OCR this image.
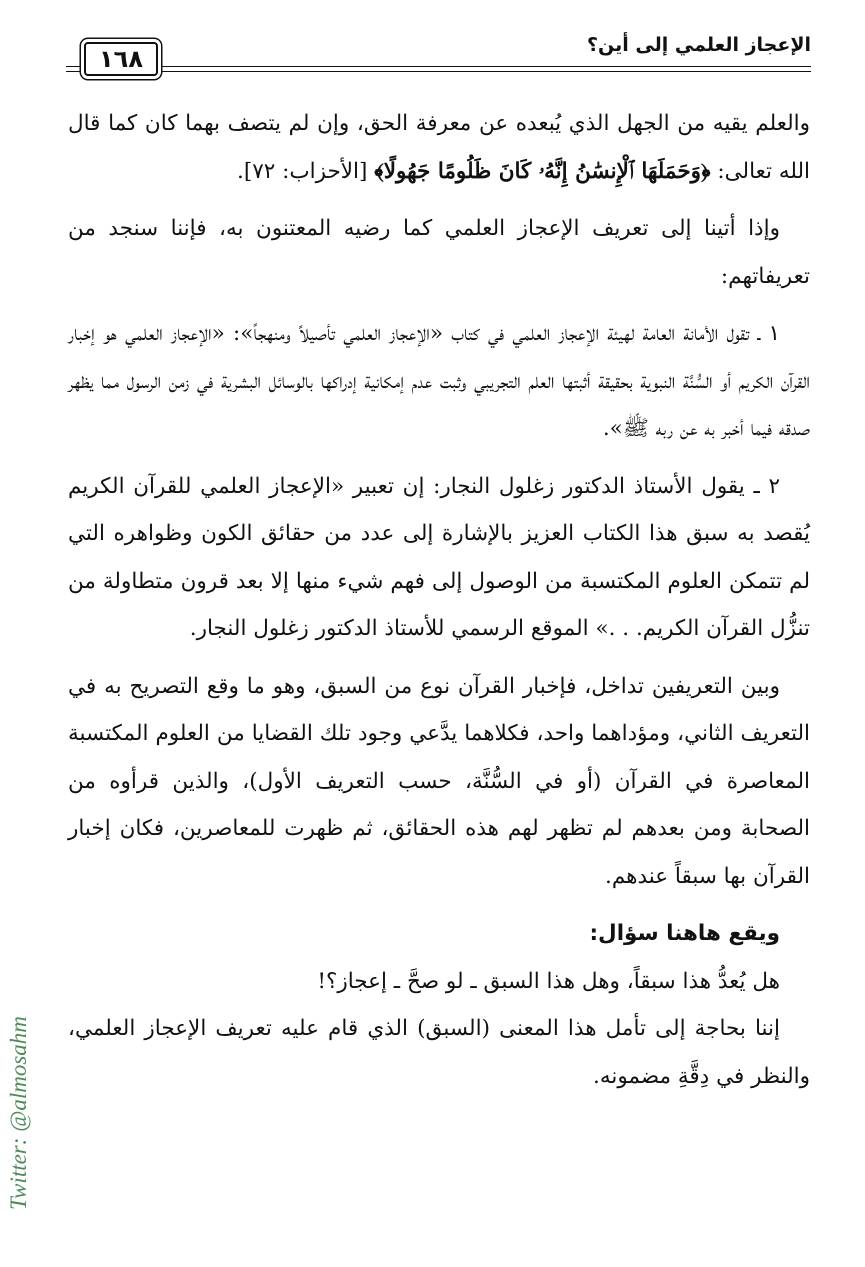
١٦٨	الإعجاز العلمي إلى أين؟

والعلم يقيه من الجهل الذي يُبعده عن معرفة الحق، وإن لم يتصف بهما كان كما قال الله تعالى: ﴿وَحَمَلَهَا ٱلْإِنسَٰنُ إِنَّهُۥ كَانَ ظَلُومًا جَهُولًا﴾ [الأحزاب: ٧٢].

وإذا أتينا إلى تعريف الإعجاز العلمي كما رضيه المعتنون به، فإننا سنجد من تعريفاتهم:

١ ـ تقول الأمانة العامة لهيئة الإعجاز العلمي في كتاب «الإعجاز العلمي تأصيلاً ومنهجاً»: «الإعجاز العلمي هو إخبار القرآن الكريم أو السُّنَّة النبوية بحقيقة أثبتها العلم التجريبي وثبت عدم إمكانية إدراكها بالوسائل البشرية في زمن الرسول مما يظهر صدقه فيما أخبر به عن ربه ﷺ».

٢ ـ يقول الأستاذ الدكتور زغلول النجار: إن تعبير «الإعجاز العلمي للقرآن الكريم يُقصد به سبق هذا الكتاب العزيز بالإشارة إلى عدد من حقائق الكون وظواهره التي لم تتمكن العلوم المكتسبة من الوصول إلى فهم شيء منها إلا بعد قرون متطاولة من تنزُّل القرآن الكريم. . .» الموقع الرسمي للأستاذ الدكتور زغلول النجار.

وبين التعريفين تداخل، فإخبار القرآن نوع من السبق، وهو ما وقع التصريح به في التعريف الثاني، ومؤداهما واحد، فكلاهما يدَّعي وجود تلك القضايا من العلوم المكتسبة المعاصرة في القرآن (أو في السُّنَّة، حسب التعريف الأول)، والذين قرأوه من الصحابة ومن بعدهم لم تظهر لهم هذه الحقائق، ثم ظهرت للمعاصرين، فكان إخبار القرآن بها سبقاً عندهم.

ويقع هاهنا سؤال:

هل يُعدُّ هذا سبقاً، وهل هذا السبق ـ لو صحَّ ـ إعجاز؟!

إننا بحاجة إلى تأمل هذا المعنى (السبق) الذي قام عليه تعريف الإعجاز العلمي، والنظر في دِقَّةِ مضمونه.

Twitter: @almosahm
